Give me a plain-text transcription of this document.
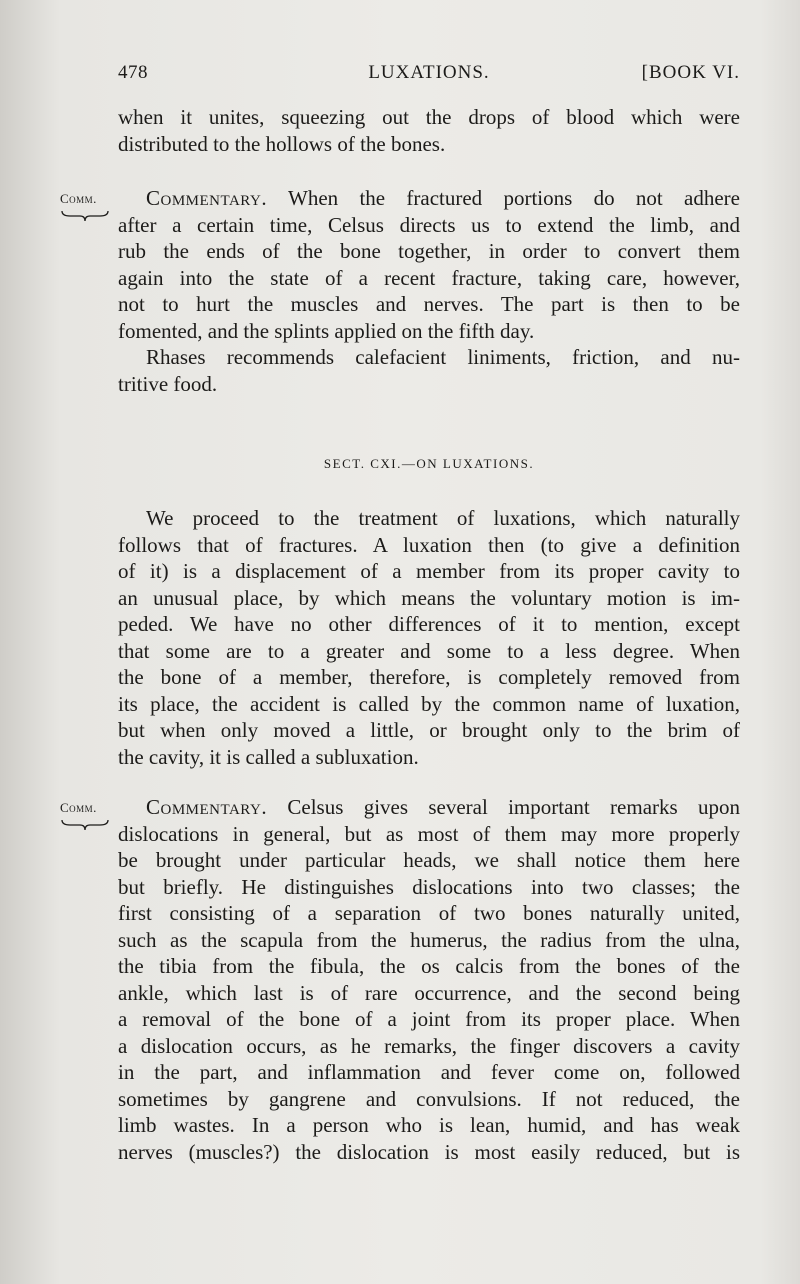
478	LUXATIONS.	[BOOK VI.
when it unites, squeezing out the drops of blood which were
distributed to the hollows of the bones.
Comm.	Commentary. When the fractured portions do not adhere
after a certain time, Celsus directs us to extend the limb, and
rub the ends of the bone together, in order to convert them
again into the state of a recent fracture, taking care, however,
not to hurt the muscles and nerves. The part is then to be
fomented, and the splints applied on the fifth day.
Rhases recommends calefacient liniments, friction, and nu-
tritive food.
SECT. CXI.—ON LUXATIONS.
We proceed to the treatment of luxations, which naturally
follows that of fractures. A luxation then (to give a definition
of it) is a displacement of a member from its proper cavity to
an unusual place, by which means the voluntary motion is im-
peded. We have no other differences of it to mention, except
that some are to a greater and some to a less degree. When
the bone of a member, therefore, is completely removed from
its place, the accident is called by the common name of luxation,
but when only moved a little, or brought only to the brim of
the cavity, it is called a subluxation.
Comm.	Commentary. Celsus gives several important remarks upon
dislocations in general, but as most of them may more properly
be brought under particular heads, we shall notice them here
but briefly. He distinguishes dislocations into two classes; the
first consisting of a separation of two bones naturally united,
such as the scapula from the humerus, the radius from the ulna,
the tibia from the fibula, the os calcis from the bones of the
ankle, which last is of rare occurrence, and the second being
a removal of the bone of a joint from its proper place. When
a dislocation occurs, as he remarks, the finger discovers a cavity
in the part, and inflammation and fever come on, followed
sometimes by gangrene and convulsions. If not reduced, the
limb wastes. In a person who is lean, humid, and has weak
nerves (muscles?) the dislocation is most easily reduced, but is
